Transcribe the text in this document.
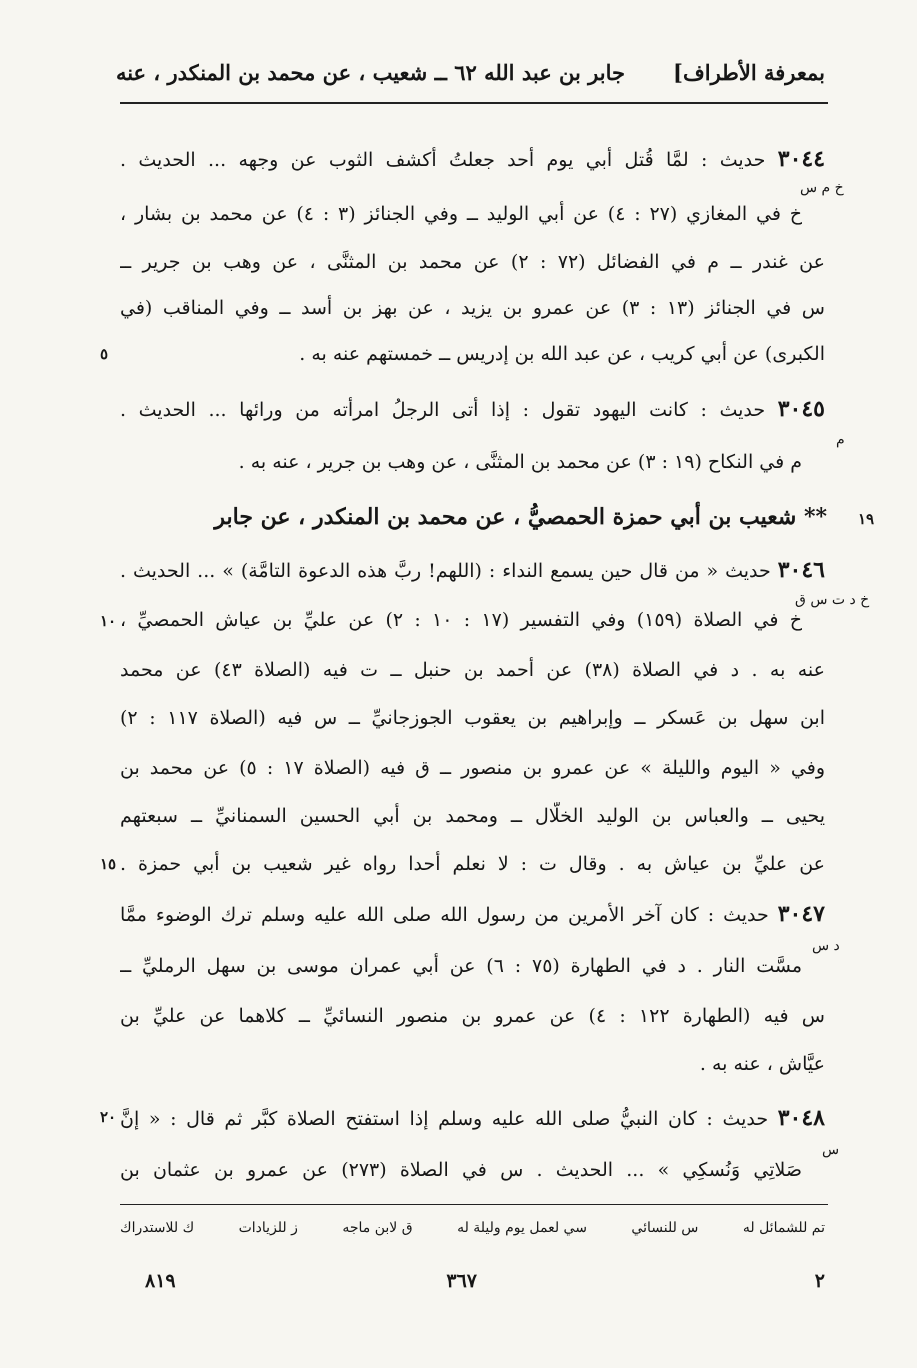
بمعرفة الأطراف]
جابر بن عبد الله ٦٢ ــ شعيب ، عن محمد بن المنكدر ، عنه
٣٠٤٤ حديث : لمَّا قُتل أبي يوم أحد جعلتُ أكشف الثوب عن وجهه ... الحديث .
خ م س
خ في المغازي (٢٧ : ٤) عن أبي الوليد ــ وفي الجنائز (٣ : ٤) عن محمد بن بشار ،
عن غندر ــ م في الفضائل (٧٢ : ٢) عن محمد بن المثنَّى ، عن وهب بن جرير ــ
س في الجنائز (١٣ : ٣) عن عمرو بن يزيد ، عن بهز بن أسد ــ وفي المناقب (في
الكبرى) عن أبي كريب ، عن عبد الله بن إدريس ــ خمستهم عنه به .
٥
٣٠٤٥ حديث : كانت اليهود تقول : إذا أتى الرجلُ امرأته من ورائها ... الحديث .
م
م في النكاح (١٩ : ٣) عن محمد بن المثنَّى ، عن وهب بن جرير ، عنه به .
١٩
** شعيب بن أبي حمزة الحمصيُّ ، عن محمد بن المنكدر ، عن جابر
٣٠٤٦ حديث « من قال حين يسمع النداء : (اللهم! ربَّ هذه الدعوة التامَّة) » ... الحديث .
خ د ت س ق
خ في الصلاة (١٥٩) وفي التفسير (١٧ : ١٠ : ٢) عن عليِّ بن عياش الحمصيِّ ،
١٠
عنه به . د في الصلاة (٣٨) عن أحمد بن حنبل ــ ت فيه (الصلاة ٤٣) عن محمد
ابن سهل بن عَسكر ــ وإبراهيم بن يعقوب الجوزجانيِّ ــ س فيه (الصلاة ١١٧ : ٢)
وفي « اليوم والليلة » عن عمرو بن منصور ــ ق فيه (الصلاة ١٧ : ٥) عن محمد بن
يحيى ــ والعباس بن الوليد الخلَّال ــ ومحمد بن أبي الحسين السمنانيِّ ــ سبعتهم
عن عليِّ بن عياش به . وقال ت : لا نعلم أحدا رواه غير شعيب بن أبي حمزة .
١٥
٣٠٤٧ حديث : كان آخر الأمرين من رسول الله صلى الله عليه وسلم ترك الوضوء ممَّا
د س
مسَّت النار . د في الطهارة (٧٥ : ٦) عن أبي عمران موسى بن سهل الرمليِّ ــ
س فيه (الطهارة ١٢٢ : ٤) عن عمرو بن منصور النسائيِّ ــ كلاهما عن عليِّ بن
عيَّاش ، عنه به .
٣٠٤٨ حديث : كان النبيُّ صلى الله عليه وسلم إذا استفتح الصلاة كبَّر ثم قال : « إنَّ
٢٠
س
صَلاتِي وَنُسكِي » ... الحديث . س في الصلاة (٢٧٣) عن عمرو بن عثمان بن
تم للشمائل له
س للنسائي
سي لعمل يوم وليلة له
ق لابن ماجه
ز للزيادات
ك للاستدراك
٢
٣٦٧
٨١٩
